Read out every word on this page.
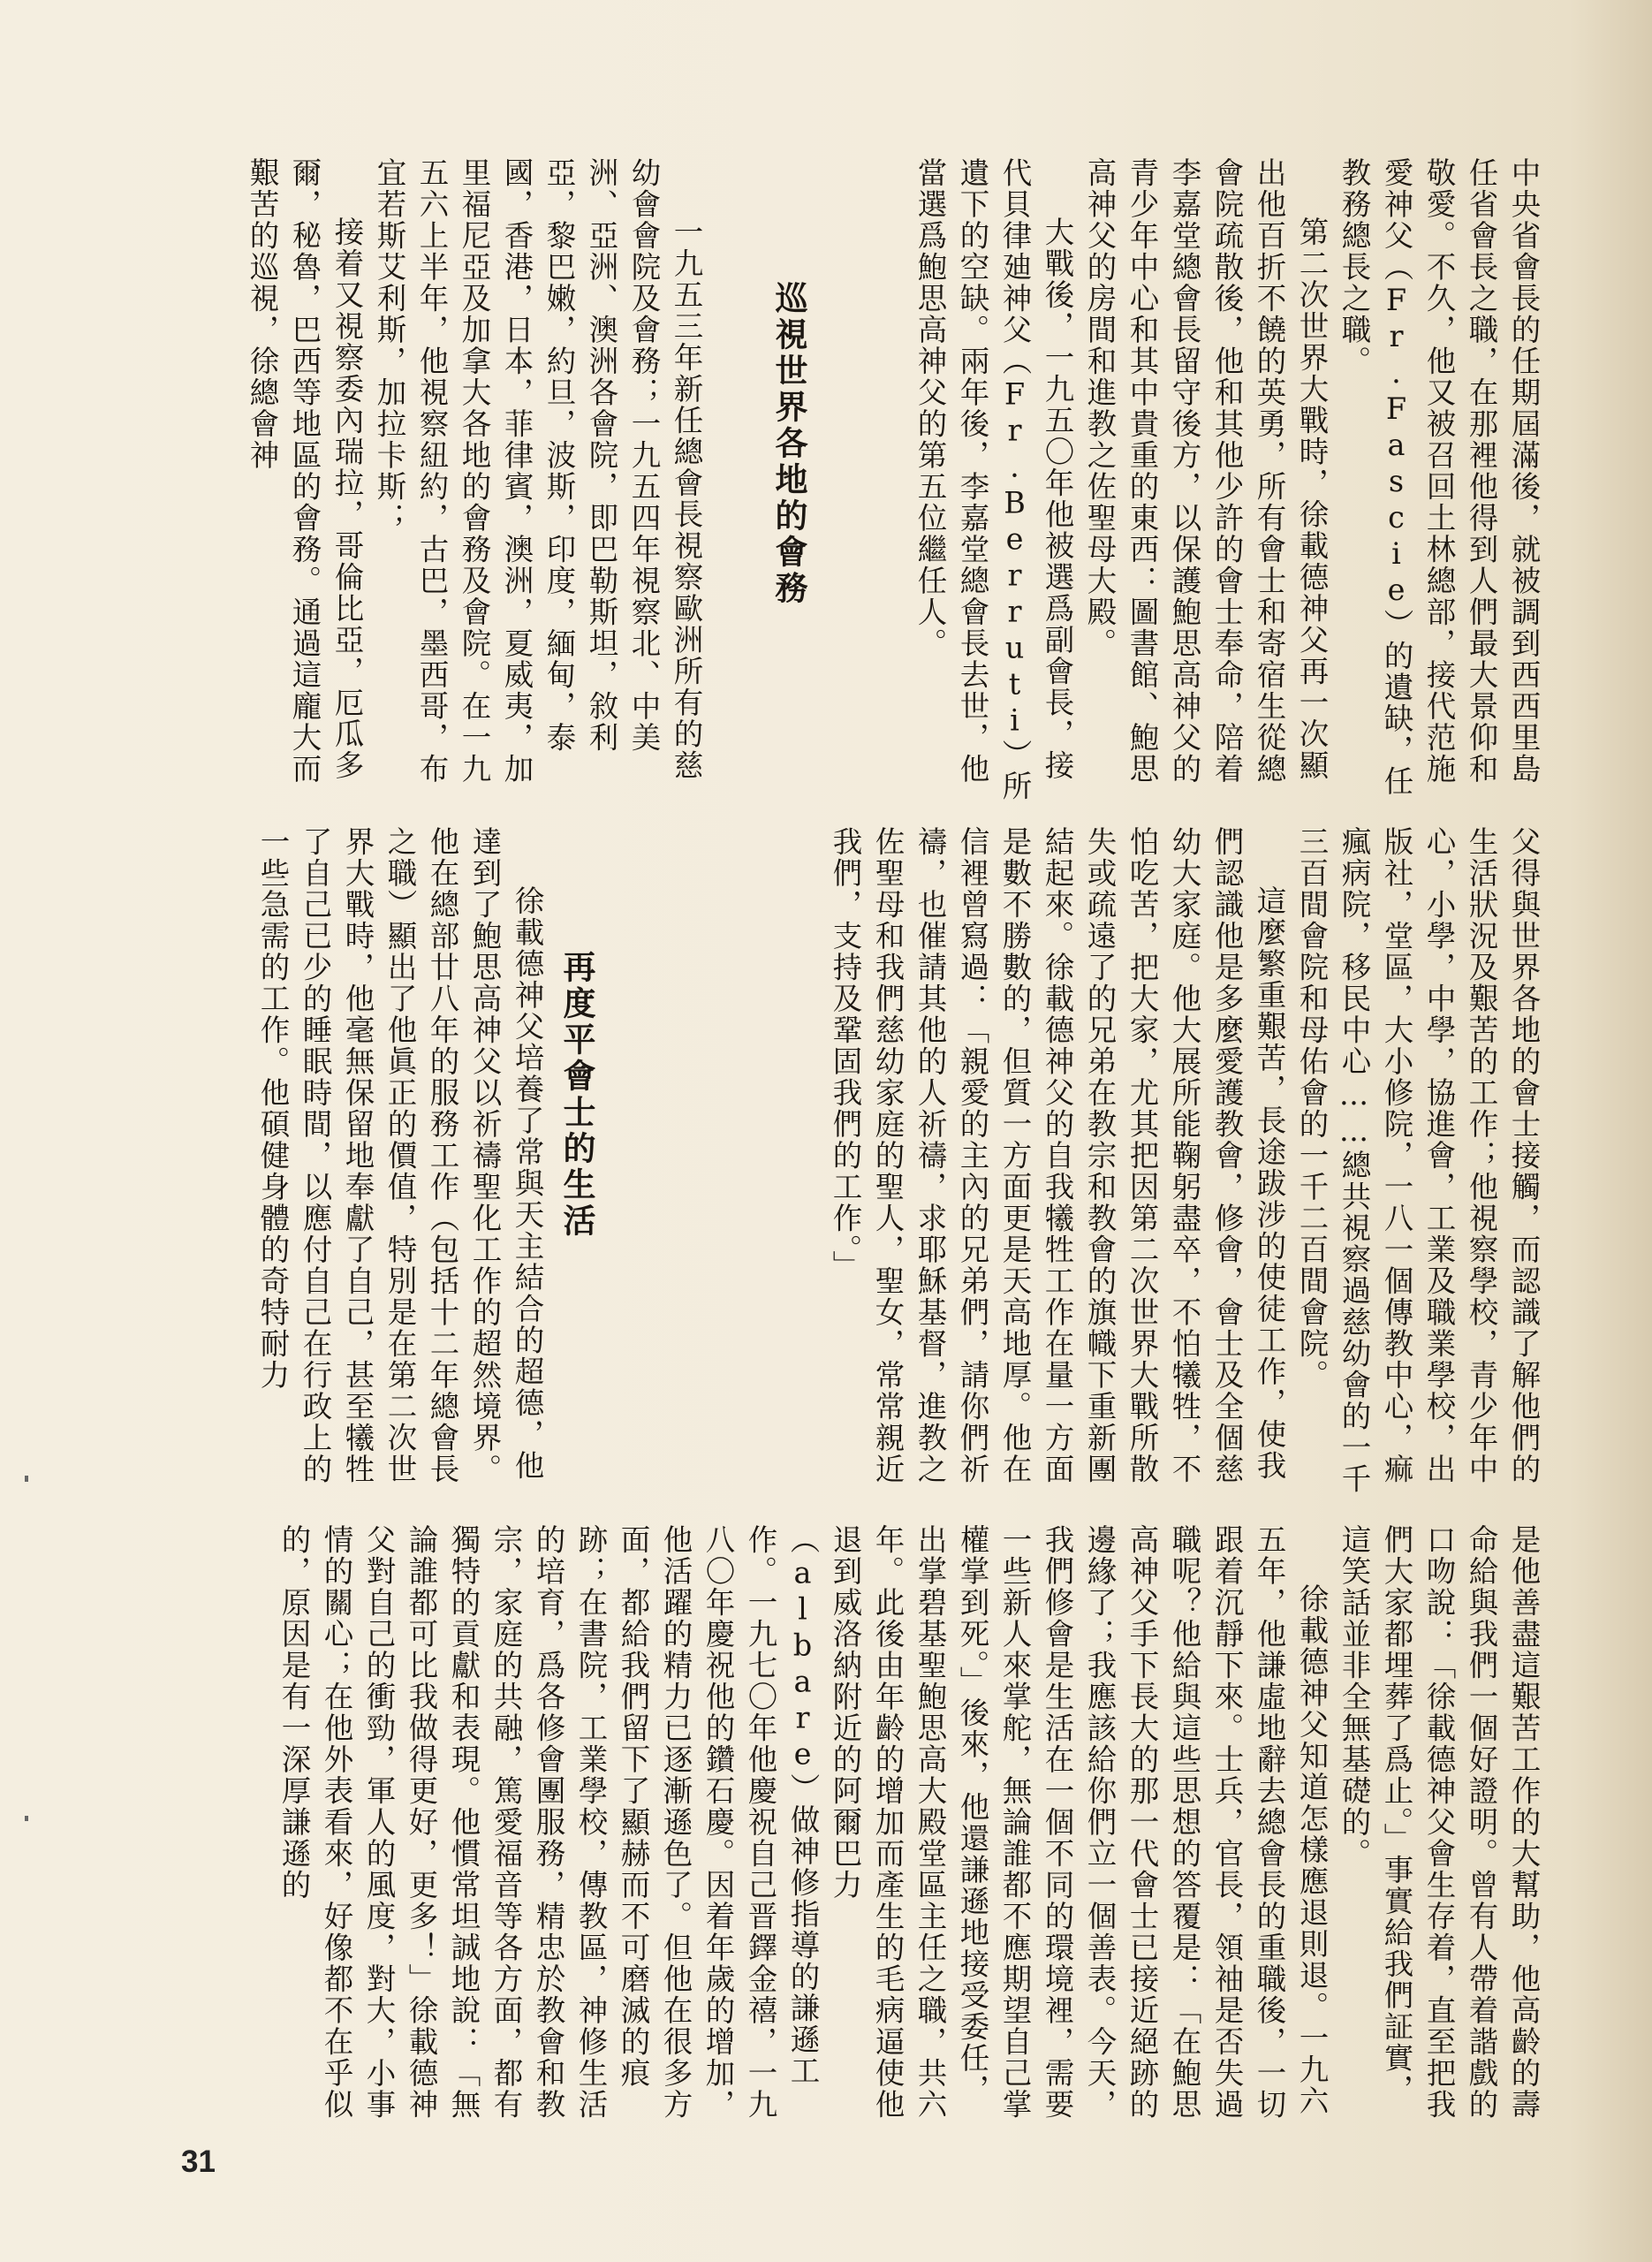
中央省會長的任期屆滿後，就被調到西西里島任省會長之職，在那裡他得到人們最大景仰和敬愛。不久，他又被召回土林總部，接代范施愛神父（Fr.Fascie）的遺缺，任教務總長之職。

第二次世界大戰時，徐載德神父再一次顯出他百折不饒的英勇，所有會士和寄宿生從總會院疏散後，他和其他少許的會士奉命，陪着李嘉堂總會長留守後方，以保護鮑思高神父的青少年中心和其中貴重的東西：圖書館、鮑思高神父的房間和進教之佐聖母大殿。

大戰後，一九五〇年他被選爲副會長，接代貝律廸神父（Fr.Berruti）所遺下的空缺。兩年後，李嘉堂總會長去世，他當選爲鮑思高神父的第五位繼任人。

巡視世界各地的會務

一九五三年新任總會長視察歐洲所有的慈幼會會院及會務；一九五四年視察北、中美洲、亞洲、澳洲各會院，即巴勒斯坦，敘利亞，黎巴嫩，約旦，波斯，印度，緬甸，泰國，香港，日本，菲律賓，澳洲，夏威夷，加里福尼亞及加拿大各地的會務及會院。在一九五六上半年，他視察紐約，古巴，墨西哥，布宜若斯艾利斯，加拉卡斯；

接着又視察委內瑞拉，哥倫比亞，厄瓜多爾，秘魯，巴西等地區的會務。通過這龐大而艱苦的巡視，徐總會神

父得與世界各地的會士接觸，而認識了解他們的生活狀況及艱苦的工作；他視察學校，青少年中心，小學，中學，協進會，工業及職業學校，出版社，堂區，大小修院，一八一個傳教中心，痲瘋病院，移民中心……總共視察過慈幼會的一千三百間會院和母佑會的一千二百間會院。

這麼繁重艱苦，長途跋涉的使徒工作，使我們認識他是多麼愛護教會，修會，會士及全個慈幼大家庭。他大展所能鞠躬盡卒，不怕犧牲，不怕吃苦，把大家，尤其把因第二次世界大戰所散失或疏遠了的兄弟在教宗和教會的旗幟下重新團結起來。徐載德神父的自我犧牲工作在量一方面是數不勝數的，但質一方面更是天高地厚。他在信裡曾寫過：「親愛的主內的兄弟們，請你們祈禱，也催請其他的人祈禱，求耶穌基督，進教之佐聖母和我們慈幼家庭的聖人，聖女，常常親近我們，支持及鞏固我們的工作。」

再度平會士的生活

徐載德神父培養了常與天主結合的超德，他達到了鮑思高神父以祈禱聖化工作的超然境界。他在總部廿八年的服務工作（包括十二年總會長之職）顯出了他眞正的價值，特別是在第二次世界大戰時，他毫無保留地奉獻了自己，甚至犧牲了自己已少的睡眠時間，以應付自己在行政上的一些急需的工作。他碩健身體的奇特耐力

是他善盡這艱苦工作的大幫助，他高齡的壽命給與我們一個好證明。曾有人帶着諧戲的口吻說：「徐載德神父會生存着，直至把我們大家都埋葬了爲止。」事實給我們証實，這笑話並非全無基礎的。

徐載德神父知道怎樣應退則退。一九六五年，他謙虛地辭去總會長的重職後，一切跟着沉靜下來。士兵，官長，領袖是否失過職呢？他給與這些思想的答覆是：「在鮑思高神父手下長大的那一代會士已接近絕跡的邊緣了；我應該給你們立一個善表。今天，我們修會是生活在一個不同的環境裡，需要一些新人來掌舵，無論誰都不應期望自己掌權掌到死。」後來，他還謙遜地接受委任，出掌碧基聖鮑思高大殿堂區主任之職，共六年。此後由年齡的增加而產生的毛病逼使他退到威洛納附近的阿爾巴力（albare）做神修指導的謙遜工作。一九七〇年他慶祝自己晋鐸金禧，一九八〇年慶祝他的鑽石慶。因着年歲的增加，他活躍的精力已逐漸遜色了。但他在很多方面，都給我們留下了顯赫而不可磨滅的痕跡；在書院，工業學校，傳教區，神修生活的培育，爲各修會團服務，精忠於教會和教宗，家庭的共融，篤愛福音等各方面，都有獨特的貢獻和表現。他慣常坦誠地說：「無論誰都可比我做得更好，更多！」徐載德神父對自己的衝勁，軍人的風度，對大，小事情的關心；在他外表看來，好像都不在乎似的，原因是有一深厚謙遜的

31
